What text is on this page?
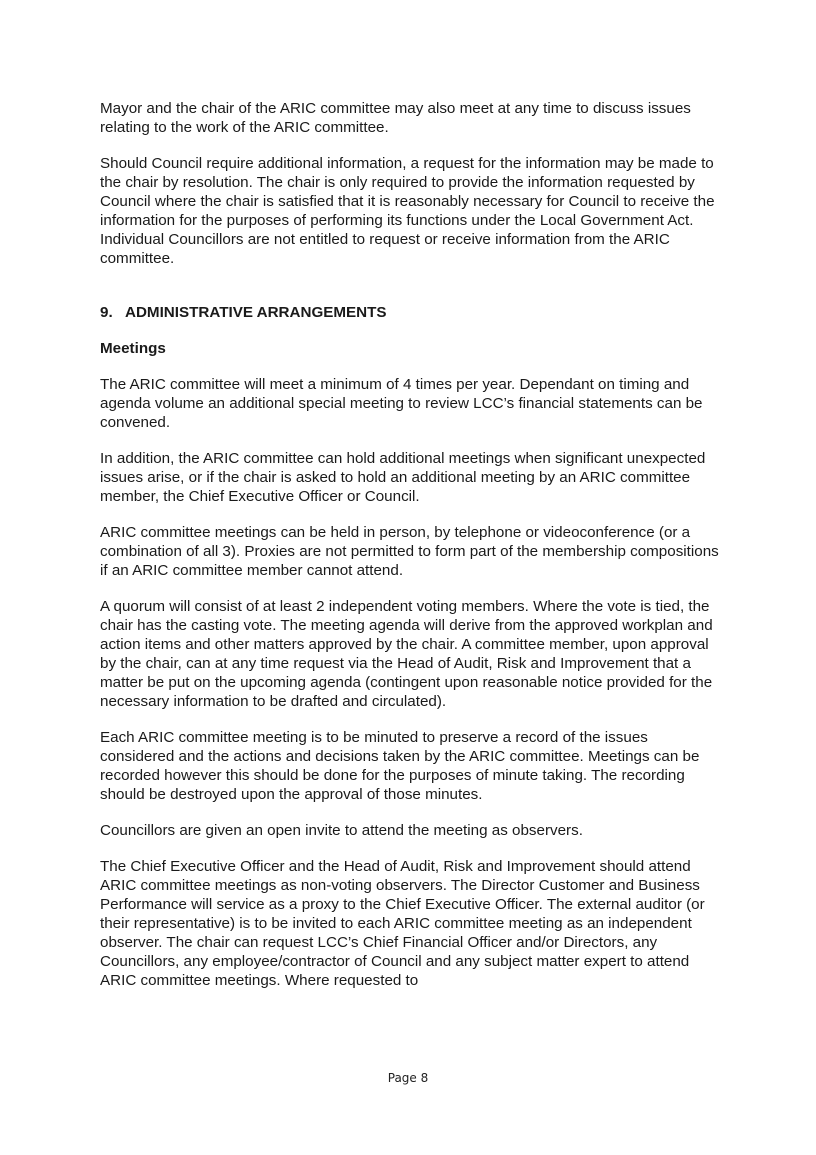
Mayor and the chair of the ARIC committee may also meet at any time to discuss issues relating to the work of the ARIC committee.

Should Council require additional information, a request for the information may be made to the chair by resolution. The chair is only required to provide the information requested by Council where the chair is satisfied that it is reasonably necessary for Council to receive the information for the purposes of performing its functions under the Local Government Act. Individual Councillors are not entitled to request or receive information from the ARIC committee.

9. ADMINISTRATIVE ARRANGEMENTS
Meetings

The ARIC committee will meet a minimum of 4 times per year. Dependant on timing and agenda volume an additional special meeting to review LCC’s financial statements can be convened.

In addition, the ARIC committee can hold additional meetings when significant unexpected issues arise, or if the chair is asked to hold an additional meeting by an ARIC committee member, the Chief Executive Officer or Council.

ARIC committee meetings can be held in person, by telephone or videoconference (or a combination of all 3). Proxies are not permitted to form part of the membership compositions if an ARIC committee member cannot attend.

A quorum will consist of at least 2 independent voting members. Where the vote is tied, the chair has the casting vote. The meeting agenda will derive from the approved workplan and action items and other matters approved by the chair. A committee member, upon approval by the chair, can at any time request via the Head of Audit, Risk and Improvement that a matter be put on the upcoming agenda (contingent upon reasonable notice provided for the necessary information to be drafted and circulated).

Each ARIC committee meeting is to be minuted to preserve a record of the issues considered and the actions and decisions taken by the ARIC committee. Meetings can be recorded however this should be done for the purposes of minute taking. The recording should be destroyed upon the approval of those minutes.

Councillors are given an open invite to attend the meeting as observers.

The Chief Executive Officer and the Head of Audit, Risk and Improvement should attend ARIC committee meetings as non-voting observers. The Director Customer and Business Performance will service as a proxy to the Chief Executive Officer. The external auditor (or their representative) is to be invited to each ARIC committee meeting as an independent observer. The chair can request LCC’s Chief Financial Officer and/or Directors, any Councillors, any employee/contractor of Council and any subject matter expert to attend ARIC committee meetings. Where requested to

Page 8
